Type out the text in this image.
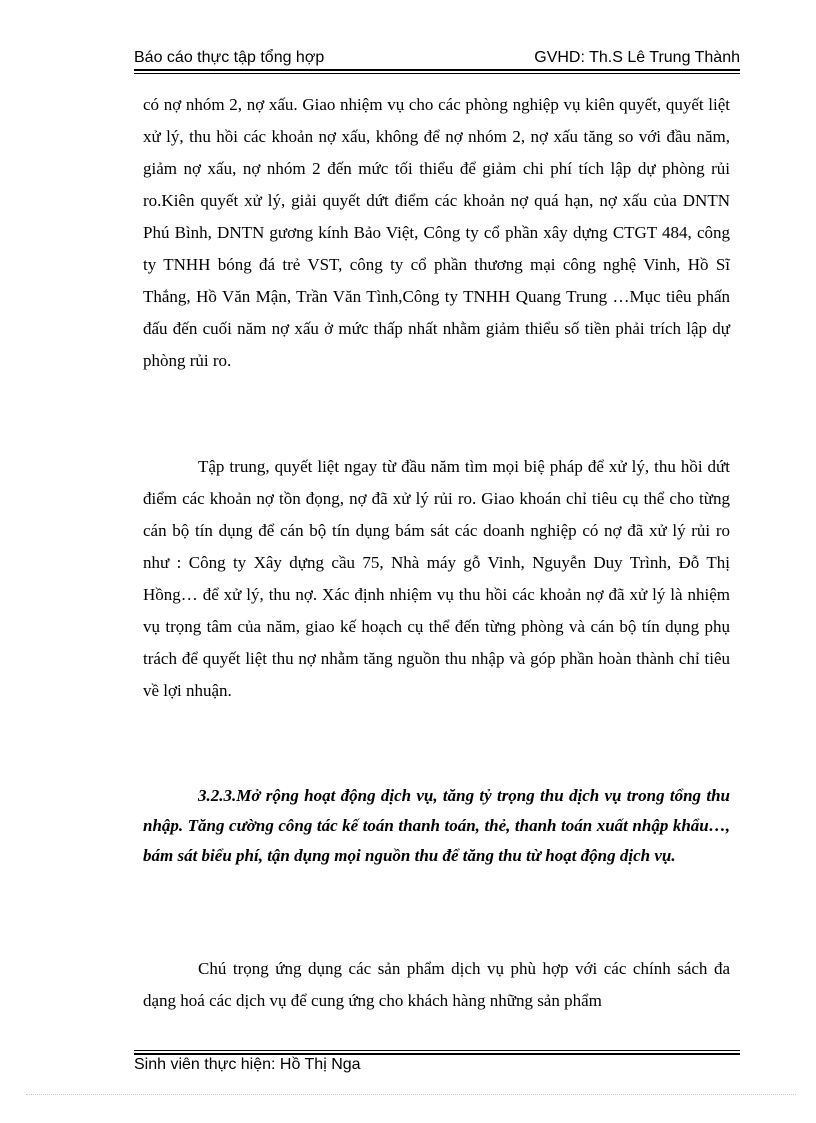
Báo cáo thực tập tổng hợp	GVHD: Th.S Lê Trung Thành

có nợ nhóm 2, nợ xấu. Giao nhiệm vụ cho các phòng nghiệp vụ kiên quyết, quyết liệt xử lý, thu hồi các khoản nợ xấu, không để nợ nhóm 2, nợ xấu tăng so với đầu năm, giảm nợ xấu, nợ nhóm 2 đến mức tối thiểu để giảm chi phí tích lập dự phòng rủi ro.Kiên quyết xử lý, giải quyết dứt điểm các khoản nợ quá hạn, nợ xấu của DNTN Phú Bình, DNTN gương kính Bảo Việt, Công ty cổ phần xây dựng CTGT 484, công ty TNHH bóng đá trẻ VST, công ty cổ phần thương mại công nghệ Vinh, Hồ Sĩ Thắng, Hồ Văn Mận, Trần Văn Tình,Công ty TNHH Quang Trung …Mục tiêu phấn đấu đến cuối năm nợ xấu ở mức thấp nhất nhằm giảm thiểu số tiền phải trích lập dự phòng rủi ro.

Tập trung, quyết liệt ngay từ đầu năm tìm mọi biệ pháp để xử lý, thu hồi dứt điểm các khoản nợ tồn đọng, nợ đã xử lý rủi ro. Giao khoán chỉ tiêu cụ thể cho từng cán bộ tín dụng để cán bộ tín dụng bám sát các doanh nghiệp có nợ đã xử lý rủi ro như : Công ty Xây dựng cầu 75, Nhà máy gỗ Vinh, Nguyễn Duy Trình, Đỗ Thị Hồng… để xử lý, thu nợ. Xác định nhiệm vụ thu hồi các khoản nợ đã xử lý là nhiệm vụ trọng tâm của năm, giao kế hoạch cụ thể đến từng phòng và cán bộ tín dụng phụ trách để quyết liệt thu nợ nhằm tăng nguồn thu nhập và góp phần hoàn thành chỉ tiêu về lợi nhuận.

3.2.3.Mở rộng hoạt động dịch vụ, tăng tỷ trọng thu dịch vụ trong tổng thu nhập. Tăng cường công tác kế toán thanh toán, thẻ, thanh toán xuất nhập khẩu…, bám sát biểu phí, tận dụng mọi nguồn thu để tăng thu từ hoạt động dịch vụ.

Chú trọng ứng dụng các sản phẩm dịch vụ phù hợp với các chính sách đa dạng hoá các dịch vụ để cung ứng cho khách hàng những sản phẩm

Sinh viên thực hiện: Hồ Thị Nga
